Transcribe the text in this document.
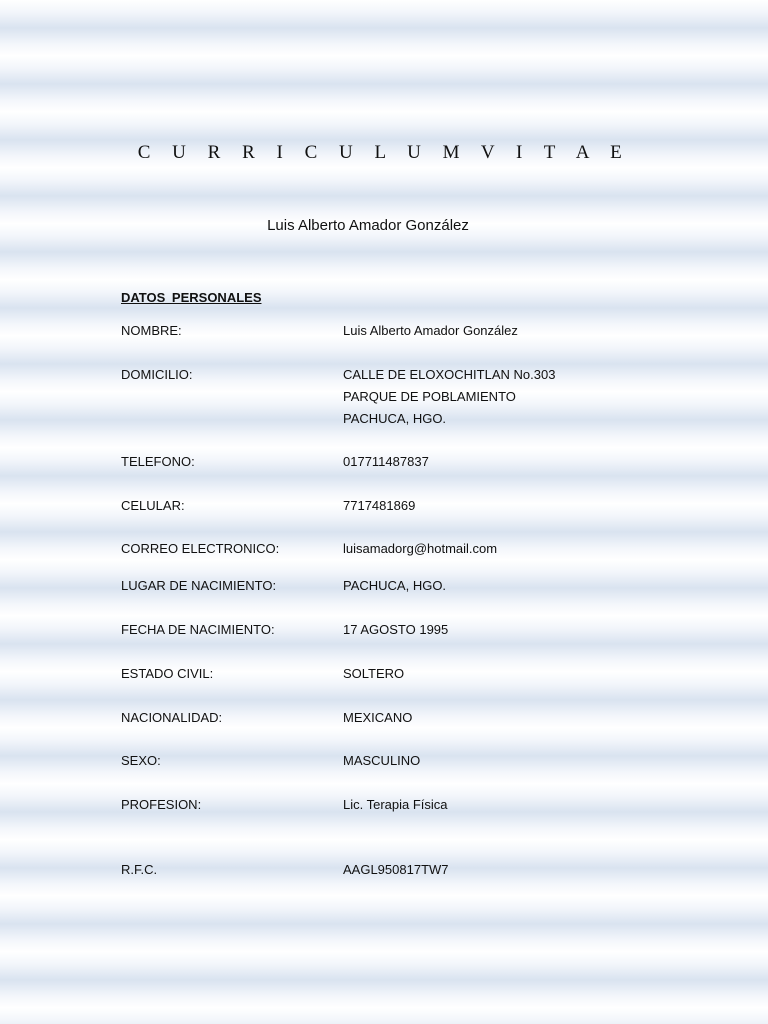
C U R R I C U L U M V I T A E

Luis Alberto Amador González

DATOS PERSONALES
NOMBRE:	Luis Alberto Amador González
DOMICILIO:	CALLE DE ELOXOCHITLAN No.303
PARQUE DE POBLAMIENTO
PACHUCA, HGO.
TELEFONO:	017711487837
CELULAR:	7717481869
CORREO ELECTRONICO:	luisamadorg@hotmail.com
LUGAR DE NACIMIENTO:	PACHUCA, HGO.
FECHA DE NACIMIENTO:	17 AGOSTO 1995
ESTADO CIVIL:	SOLTERO
NACIONALIDAD:	MEXICANO
SEXO:	MASCULINO
PROFESION:	Lic. Terapia Física
R.F.C.	AAGL950817TW7
